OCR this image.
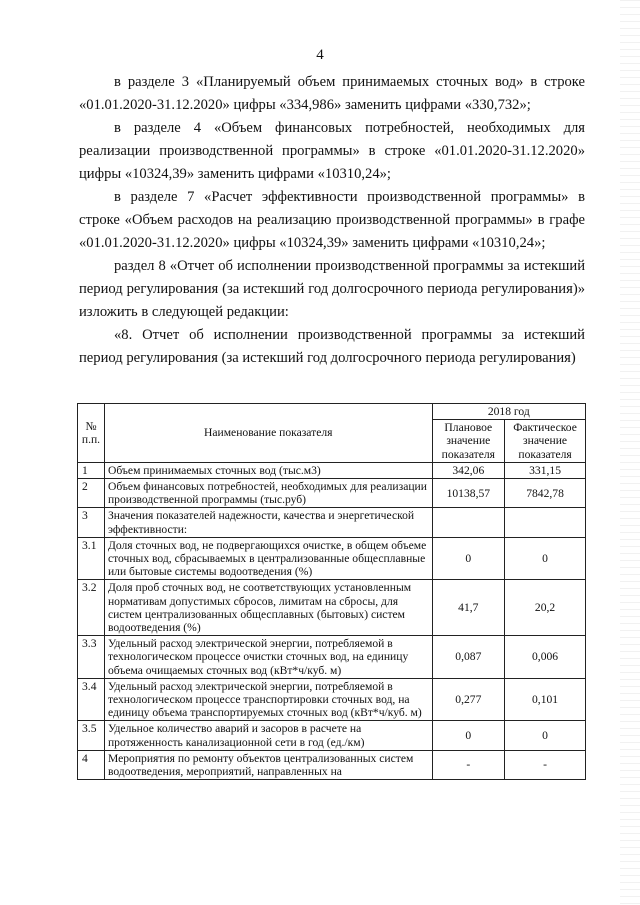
4

в разделе 3 «Планируемый объем принимаемых сточных вод» в строке «01.01.2020-31.12.2020» цифры «334,986» заменить цифрами «330,732»;

в разделе 4 «Объем финансовых потребностей, необходимых для реализации производственной программы» в строке «01.01.2020-31.12.2020» цифры «10324,39» заменить цифрами «10310,24»;

в разделе 7 «Расчет эффективности производственной программы» в строке «Объем расходов на реализацию производственной программы» в графе «01.01.2020-31.12.2020» цифры «10324,39» заменить цифрами «10310,24»;

раздел 8 «Отчет об исполнении производственной программы за истекший период регулирования (за истекший год долгосрочного периода регулирования)» изложить в следующей редакции:

«8. Отчет об исполнении производственной программы за истекший период регулирования (за истекший год долгосрочного периода регулирования)

№ п.п.	Наименование показателя	2018 год	
		Плановое значение показателя	Фактическое значение показателя
1	Объем принимаемых сточных вод (тыс.м3)	342,06	331,15
2	Объем финансовых потребностей, необходимых для реализации производственной программы (тыс.руб)	10138,57	7842,78
3	Значения показателей надежности, качества и энергетической эффективности:		
3.1	Доля сточных вод, не подвергающихся очистке, в общем объеме сточных вод, сбрасываемых в централизованные общесплавные или бытовые системы водоотведения (%)	0	0
3.2	Доля проб сточных вод, не соответствующих установленным нормативам допустимых сбросов, лимитам на сбросы, для систем централизованных общесплавных (бытовых) систем водоотведения (%)	41,7	20,2
3.3	Удельный расход электрической энергии, потребляемой в технологическом процессе очистки сточных вод, на единицу объема очищаемых сточных вод (кВт*ч/куб. м)	0,087	0,006
3.4	Удельный расход электрической энергии, потребляемой в технологическом процессе транспортировки сточных вод, на единицу объема транспортируемых сточных вод (кВт*ч/куб. м)	0,277	0,101
3.5	Удельное количество аварий и засоров в расчете на протяженность канализационной сети в год (ед./км)	0	0
4	Мероприятия по ремонту объектов централизованных систем водоотведения, мероприятий, направленных на	-	-
